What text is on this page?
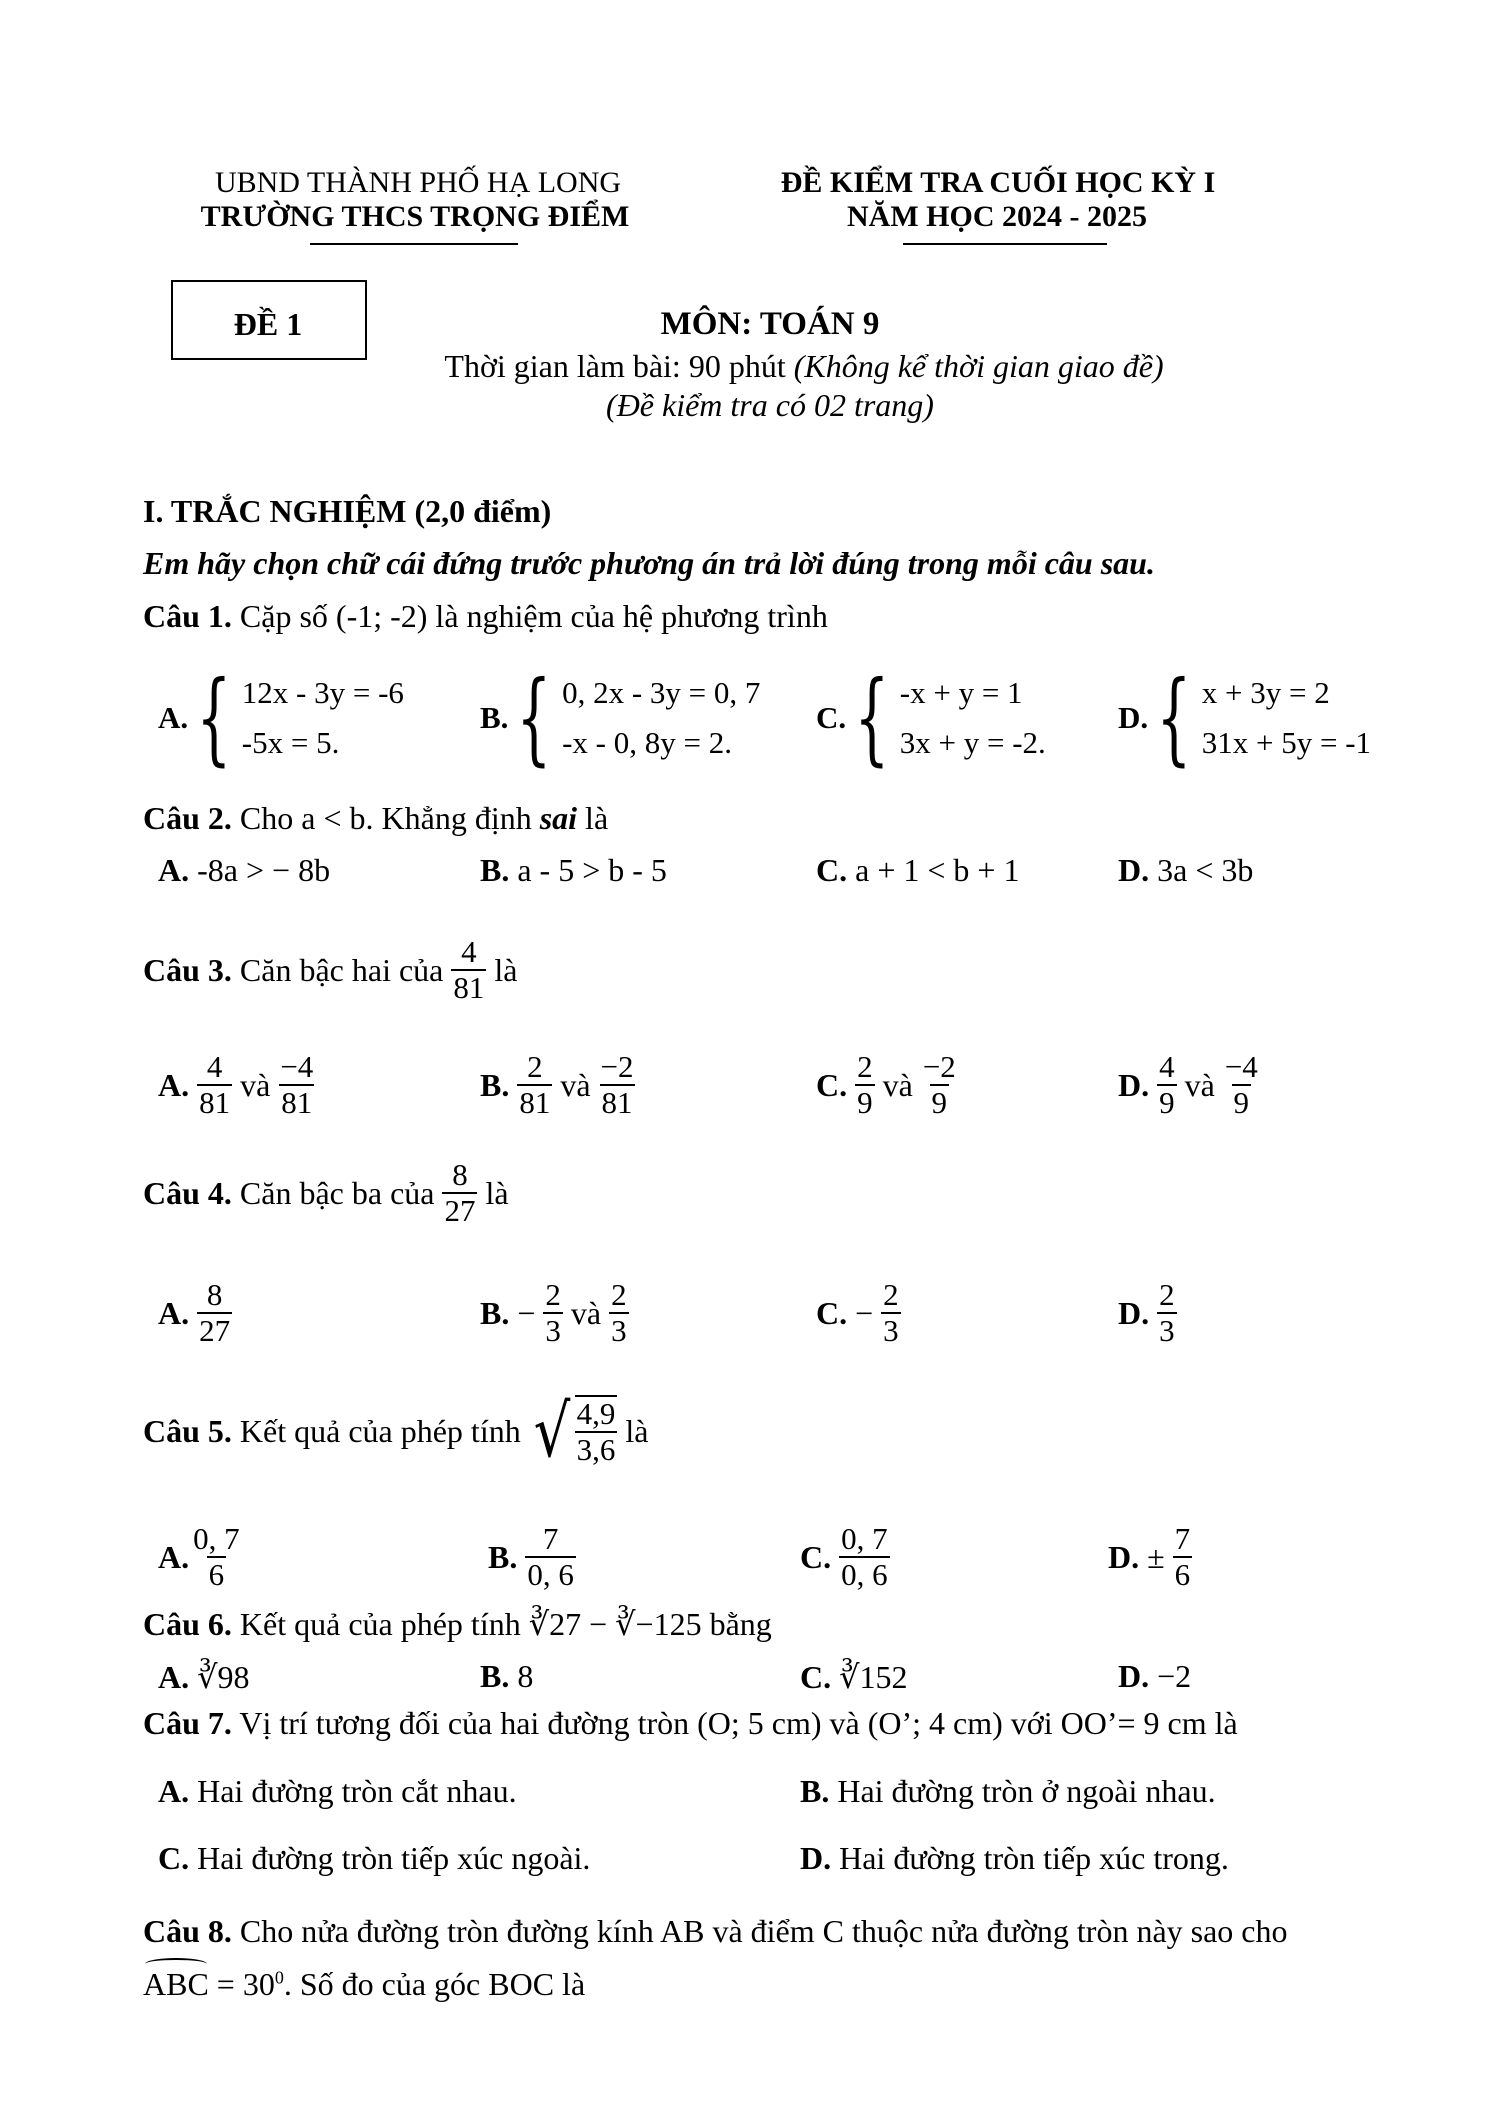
UBND THÀNH PHỐ HẠ LONG
TRƯỜNG THCS TRỌNG ĐIỂM
ĐỀ KIỂM TRA CUỐI HỌC KỲ I
NĂM HỌC 2024 - 2025
ĐỀ 1	MÔN: TOÁN 9
Thời gian làm bài: 90 phút (Không kể thời gian giao đề)
(Đề kiểm tra có 02 trang)
I. TRẮC NGHIỆM (2,0 điểm)
Em hãy chọn chữ cái đứng trước phương án trả lời đúng trong mỗi câu sau.
Câu 1. Cặp số (-1; -2) là nghiệm của hệ phương trình
A. { 12x - 3y = -6
-5x = 5.
B. { 0, 2x - 3y = 0, 7
-x - 0, 8y = 2.
C. { -x + y = 1
3x + y = -2.
D. { x + 3y = 2
31x + 5y = -1
Câu 2. Cho a < b. Khẳng định sai là
A. -8a > − 8b	B. a - 5 > b - 5	C. a + 1 < b + 1	D. 3a < 3b
Câu 3. Căn bậc hai của $\frac{4}{81}$ là
A. $\frac{4}{81}$ và $\frac{-4}{81}$	B. $\frac{2}{81}$ và $\frac{-2}{81}$	C. $\frac{2}{9}$ và $\frac{-2}{9}$	D. $\frac{4}{9}$ và $\frac{-4}{9}$
Câu 4. Căn bậc ba của $\frac{8}{27}$ là
A. $\frac{8}{27}$	B. − $\frac{2}{3}$ và $\frac{2}{3}$	C. − $\frac{2}{3}$	D. $\frac{2}{3}$
Câu 5. Kết quả của phép tính √ $\frac{4,9}{3,6}$ là
A. $\frac{0, 7}{6}$	B. $\frac{7}{0, 6}$	C. $\frac{0, 7}{0, 6}$	D. ± $\frac{7}{6}$
Câu 6. Kết quả của phép tính ∛27 − ∛−125 bằng
A. ∛98	B. 8	C. ∛152	D. −2
Câu 7. Vị trí tương đối của hai đường tròn (O; 5 cm) và (O’; 4 cm) với OO’= 9 cm là
A. Hai đường tròn cắt nhau.	B. Hai đường tròn ở ngoài nhau.
C. Hai đường tròn tiếp xúc ngoài.	D. Hai đường tròn tiếp xúc trong.
Câu 8. Cho nửa đường tròn đường kính AB và điểm C thuộc nửa đường tròn này sao cho
ABC = $30^0$. Số đo của góc BOC là
